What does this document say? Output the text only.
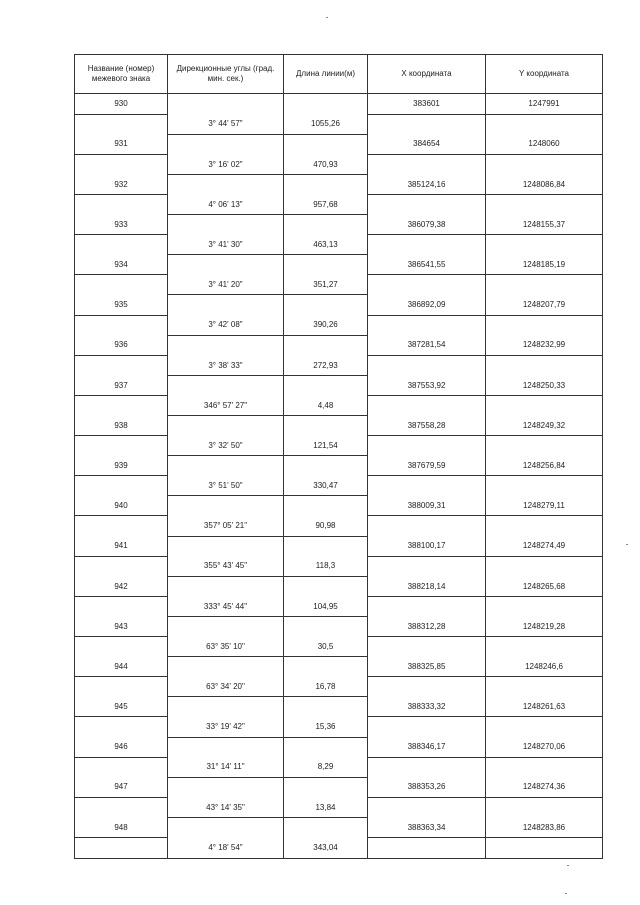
Название (номер) межевого знака	Дирекционные углы (град. мин. сек.)	Длина линии(м)	X координата	Y координата
930			383601	1247991
	3° 44' 57"	1055,26		
931			384654	1248060
	3° 16' 02"	470,93		
932			385124,16	1248086,84
	4° 06' 13"	957,68		
933			386079,38	1248155,37
	3° 41' 30"	463,13		
934			386541,55	1248185,19
	3° 41' 20"	351,27		
935			386892,09	1248207,79
	3° 42' 08"	390,26		
936			387281,54	1248232,99
	3° 38' 33"	272,93		
937			387553,92	1248250,33
	346° 57' 27"	4,48		
938			387558,28	1248249,32
	3° 32' 50"	121,54		
939			387679,59	1248256,84
	3° 51' 50"	330,47		
940			388009,31	1248279,11
	357° 05' 21"	90,98		
941			388100,17	1248274,49
	355° 43' 45"	118,3		
942			388218,14	1248265,68
	333° 45' 44"	104,95		
943			388312,28	1248219,28
	63° 35' 10"	30,5		
944			388325,85	1248246,6
	63° 34' 20"	16,78		
945			388333,32	1248261,63
	33° 19' 42"	15,36		
946			388346,17	1248270,06
	31° 14' 11"	8,29		
947			388353,26	1248274,36
	43° 14' 35"	13,84		
948			388363,34	1248283,86
	4° 18' 54"	343,04		
